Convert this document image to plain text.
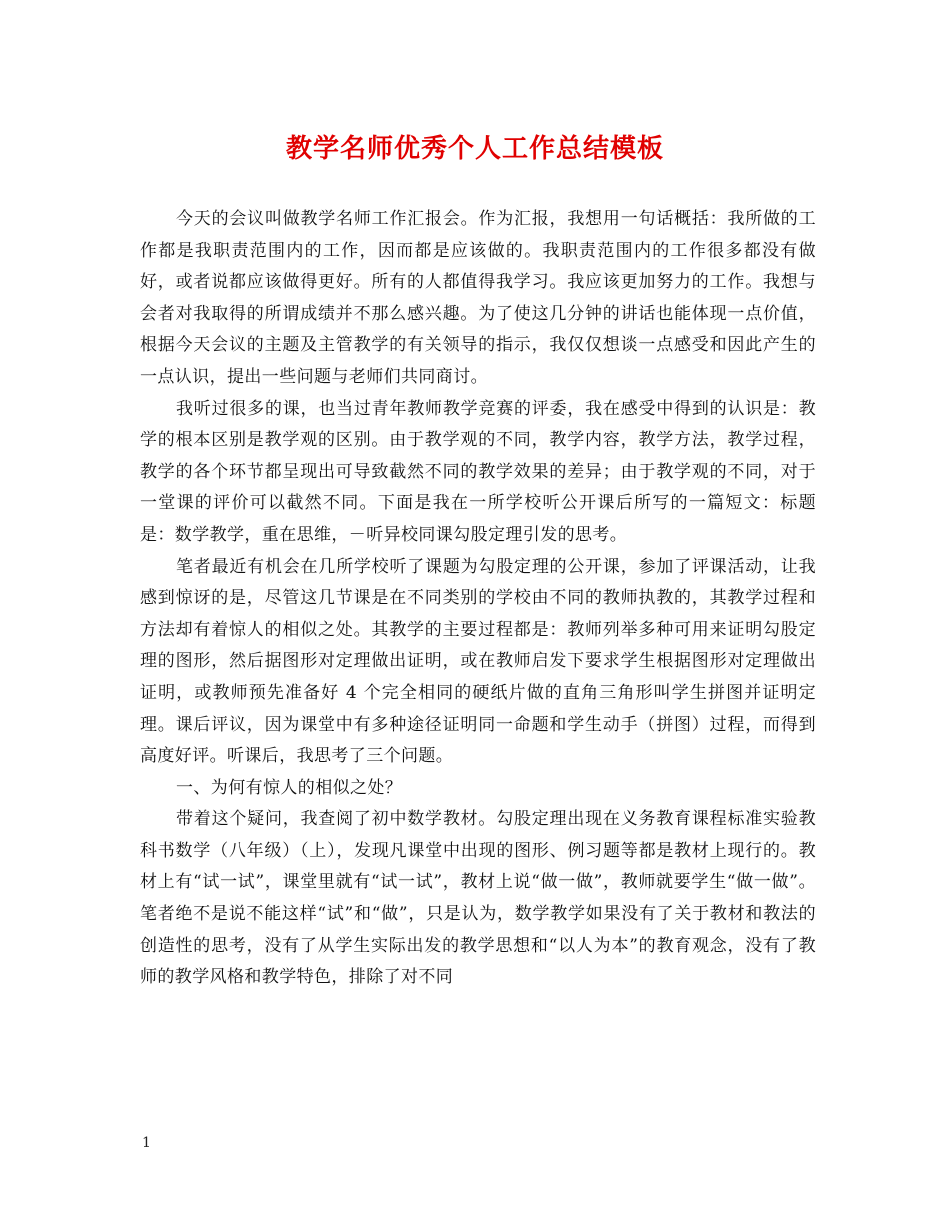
教学名师优秀个人工作总结模板

今天的会议叫做教学名师工作汇报会。作为汇报，我想用一句话概括：我所做的工作都是我职责范围内的工作，因而都是应该做的。我职责范围内的工作很多都没有做好，或者说都应该做得更好。所有的人都值得我学习。我应该更加努力的工作。我想与会者对我取得的所谓成绩并不那么感兴趣。为了使这几分钟的讲话也能体现一点价值，根据今天会议的主题及主管教学的有关领导的指示，我仅仅想谈一点感受和因此产生的一点认识，提出一些问题与老师们共同商讨。

我听过很多的课，也当过青年教师教学竞赛的评委，我在感受中得到的认识是：教学的根本区别是教学观的区别。由于教学观的不同，教学内容，教学方法，教学过程，教学的各个环节都呈现出可导致截然不同的教学效果的差异；由于教学观的不同，对于一堂课的评价可以截然不同。下面是我在一所学校听公开课后所写的一篇短文：标题是：数学教学，重在思维，－听异校同课勾股定理引发的思考。

笔者最近有机会在几所学校听了课题为勾股定理的公开课，参加了评课活动，让我感到惊讶的是，尽管这几节课是在不同类别的学校由不同的教师执教的，其教学过程和方法却有着惊人的相似之处。其教学的主要过程都是：教师列举多种可用来证明勾股定理的图形，然后据图形对定理做出证明，或在教师启发下要求学生根据图形对定理做出证明，或教师预先准备好 4 个完全相同的硬纸片做的直角三角形叫学生拼图并证明定理。课后评议，因为课堂中有多种途径证明同一命题和学生动手（拼图）过程，而得到高度好评。听课后，我思考了三个问题。

一、为何有惊人的相似之处？

带着这个疑问，我查阅了初中数学教材。勾股定理出现在义务教育课程标准实验教科书数学（八年级）（上），发现凡课堂中出现的图形、例习题等都是教材上现行的。教材上有“试一试”，课堂里就有“试一试”，教材上说“做一做”，教师就要学生“做一做”。笔者绝不是说不能这样“试”和“做”，只是认为，数学教学如果没有了关于教材和教法的创造性的思考，没有了从学生实际出发的教学思想和“以人为本”的教育观念，没有了教师的教学风格和教学特色，排除了对不同

1
